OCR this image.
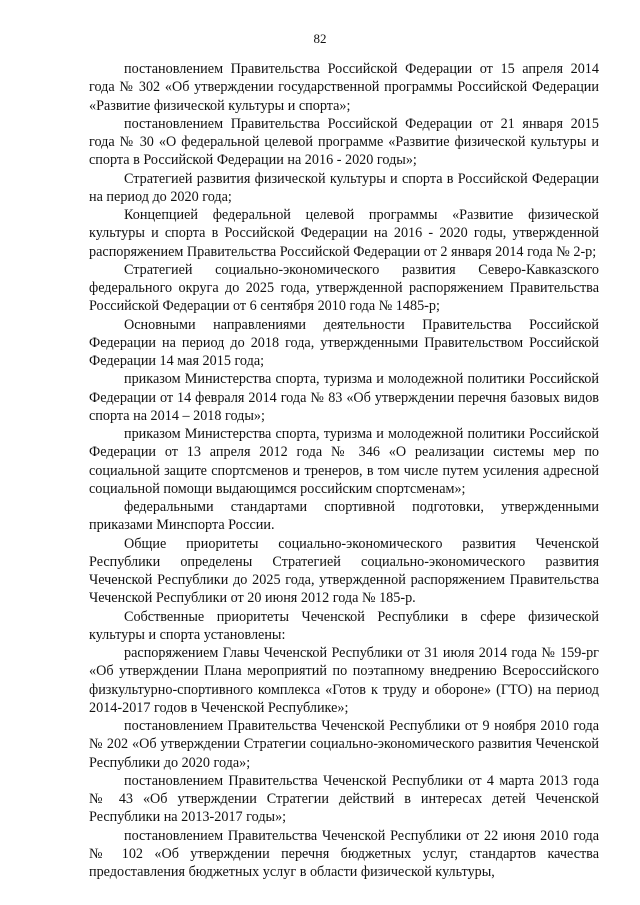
82

постановлением Правительства Российской Федерации от 15 апреля 2014 года № 302 «Об утверждении государственной программы Российской Федерации «Развитие физической культуры и спорта»;

постановлением Правительства Российской Федерации от 21 января 2015 года № 30 «О федеральной целевой программе «Развитие физической культуры и спорта в Российской Федерации на 2016 - 2020 годы»;

Стратегией развития физической культуры и спорта в Российской Федерации на период до 2020 года;

Концепцией федеральной целевой программы «Развитие физической культуры и спорта в Российской Федерации на 2016 - 2020 годы, утвержденной распоряжением Правительства Российской Федерации от 2 января 2014 года № 2-р;

Стратегией социально-экономического развития Северо-Кавказского федерального округа до 2025 года, утвержденной распоряжением Правительства Российской Федерации от 6 сентября 2010 года № 1485-р;

Основными направлениями деятельности Правительства Российской Федерации на период до 2018 года, утвержденными Правительством Российской Федерации 14 мая 2015 года;

приказом Министерства спорта, туризма и молодежной политики Российской Федерации от 14 февраля 2014 года № 83 «Об утверждении перечня базовых видов спорта на 2014 – 2018 годы»;

приказом Министерства спорта, туризма и молодежной политики Российской Федерации от 13 апреля 2012 года № 346 «О реализации системы мер по социальной защите спортсменов и тренеров, в том числе путем усиления адресной социальной помощи выдающимся российским спортсменам»;

федеральными стандартами спортивной подготовки, утвержденными приказами Минспорта России.

Общие приоритеты социально-экономического развития Чеченской Республики определены Стратегией социально-экономического развития Чеченской Республики до 2025 года, утвержденной распоряжением Правительства Чеченской Республики от 20 июня 2012 года № 185-р.

Собственные приоритеты Чеченской Республики в сфере физической культуры и спорта установлены:

распоряжением Главы Чеченской Республики от 31 июля 2014 года № 159-рг «Об утверждении Плана мероприятий по поэтапному внедрению Всероссийского физкультурно-спортивного комплекса «Готов к труду и обороне» (ГТО) на период 2014-2017 годов в Чеченской Республике»;

постановлением Правительства Чеченской Республики от 9 ноября 2010 года № 202 «Об утверждении Стратегии социально-экономического развития Чеченской Республики до 2020 года»;

постановлением Правительства Чеченской Республики от 4 марта 2013 года № 43 «Об утверждении Стратегии действий в интересах детей Чеченской Республики на 2013-2017 годы»;

постановлением Правительства Чеченской Республики от 22 июня 2010 года № 102 «Об утверждении перечня бюджетных услуг, стандартов качества предоставления бюджетных услуг в области физической культуры,
